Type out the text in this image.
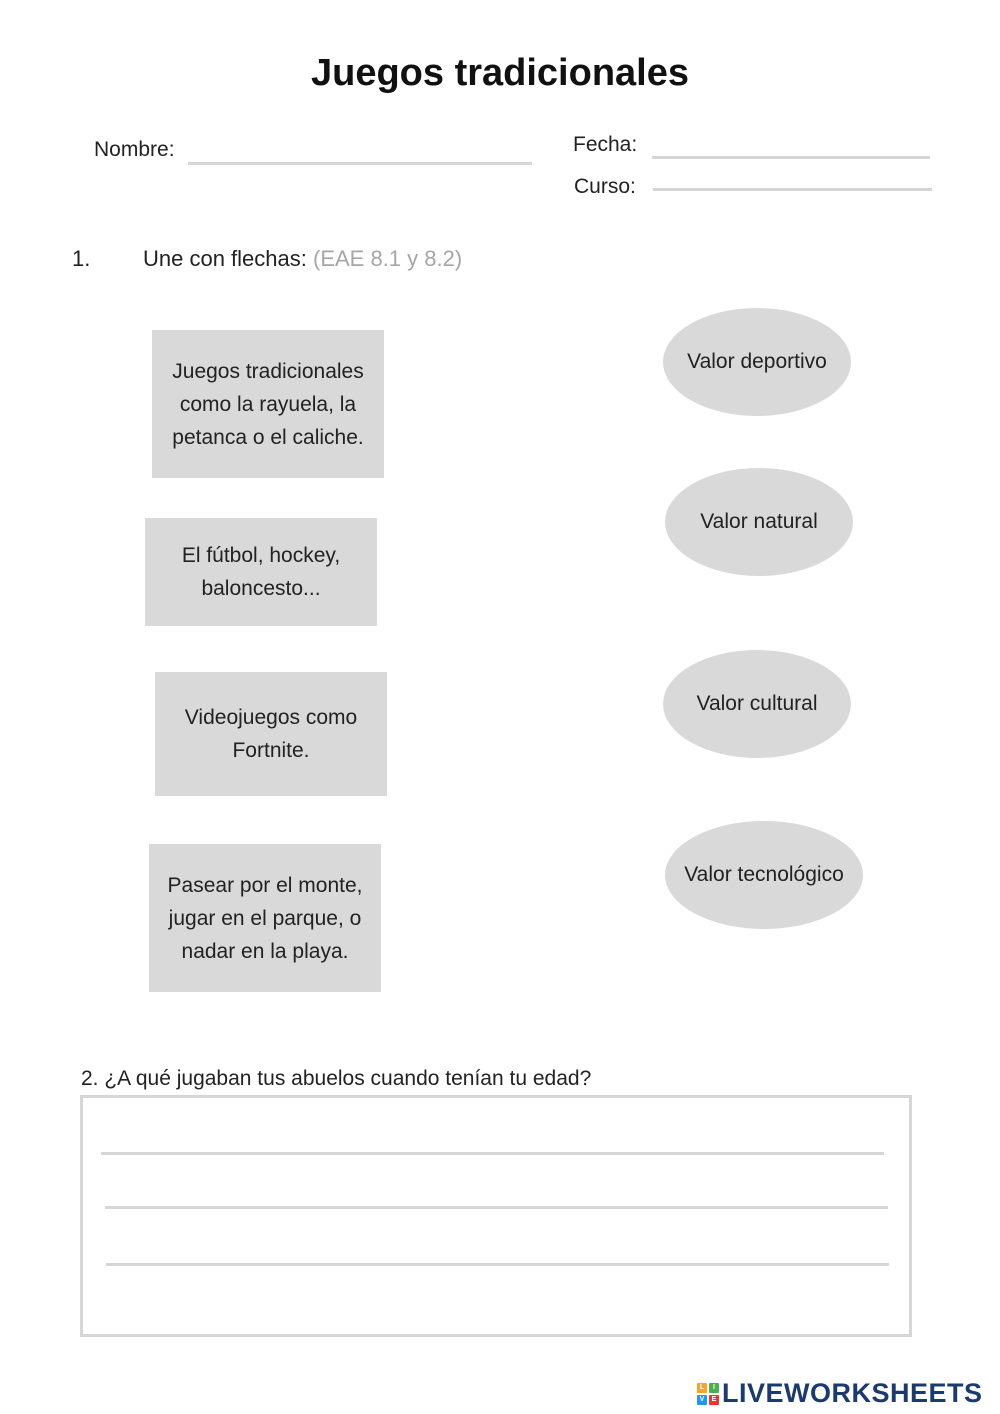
Juegos tradicionales
Nombre:	Fecha:
Curso:
1. Une con flechas: (EAE 8.1 y 8.2)
Juegos tradicionales como la rayuela, la petanca o el caliche.
El fútbol, hockey, baloncesto...
Videojuegos como Fortnite.
Pasear por el monte, jugar en el parque, o nadar en la playa.
Valor deportivo
Valor natural
Valor cultural
Valor tecnológico
2. ¿A qué jugaban tus abuelos cuando tenían tu edad?
L	I
V	E LIVEWORKSHEETS
